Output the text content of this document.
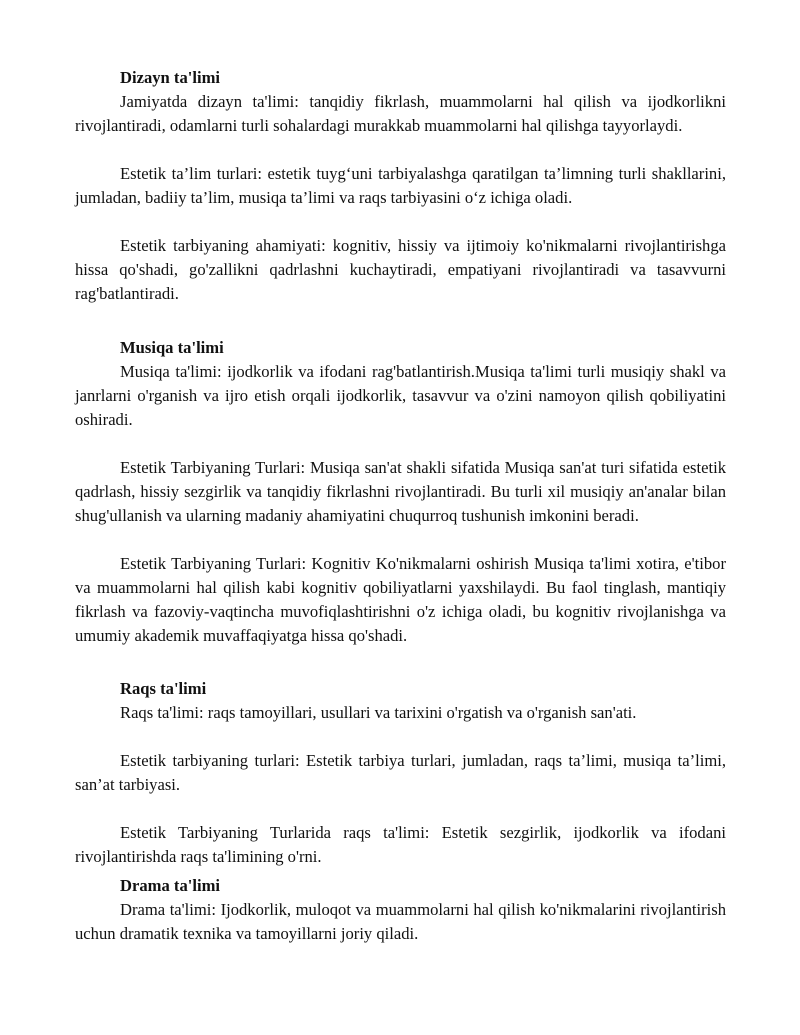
Dizayn ta'limi

Jamiyatda dizayn ta'limi: tanqidiy fikrlash, muammolarni hal qilish va ijodkorlikni rivojlantiradi, odamlarni turli sohalardagi murakkab muammolarni hal qilishga tayyorlaydi.

Estetik ta’lim turlari: estetik tuyg‘uni tarbiyalashga qaratilgan ta’limning turli shakllarini, jumladan, badiiy ta’lim, musiqa ta’limi va raqs tarbiyasini o‘z ichiga oladi.

Estetik tarbiyaning ahamiyati: kognitiv, hissiy va ijtimoiy ko'nikmalarni rivojlantirishga hissa qo'shadi, go'zallikni qadrlashni kuchaytiradi, empatiyani rivojlantiradi va tasavvurni rag'batlantiradi.

Musiqa ta'limi

Musiqa ta'limi: ijodkorlik va ifodani rag'batlantirish.Musiqa ta'limi turli musiqiy shakl va janrlarni o'rganish va ijro etish orqali ijodkorlik, tasavvur va o'zini namoyon qilish qobiliyatini oshiradi.

Estetik Tarbiyaning Turlari: Musiqa san'at shakli sifatida Musiqa san'at turi sifatida estetik qadrlash, hissiy sezgirlik va tanqidiy fikrlashni rivojlantiradi. Bu turli xil musiqiy an'analar bilan shug'ullanish va ularning madaniy ahamiyatini chuqurroq tushunish imkonini beradi.

Estetik Tarbiyaning Turlari: Kognitiv Ko'nikmalarni oshirish Musiqa ta'limi xotira, e'tibor va muammolarni hal qilish kabi kognitiv qobiliyatlarni yaxshilaydi. Bu faol tinglash, mantiqiy fikrlash va fazoviy-vaqtincha muvofiqlashtirishni o'z ichiga oladi, bu kognitiv rivojlanishga va umumiy akademik muvaffaqiyatga hissa qo'shadi.

Raqs ta'limi

Raqs ta'limi: raqs tamoyillari, usullari va tarixini o'rgatish va o'rganish san'ati.

Estetik tarbiyaning turlari: Estetik tarbiya turlari, jumladan, raqs ta’limi, musiqa ta’limi, san’at tarbiyasi.

Estetik Tarbiyaning Turlarida raqs ta'limi: Estetik sezgirlik, ijodkorlik va ifodani rivojlantirishda raqs ta'limining o'rni.

Drama ta'limi

Drama ta'limi: Ijodkorlik, muloqot va muammolarni hal qilish ko'nikmalarini rivojlantirish uchun dramatik texnika va tamoyillarni joriy qiladi.
